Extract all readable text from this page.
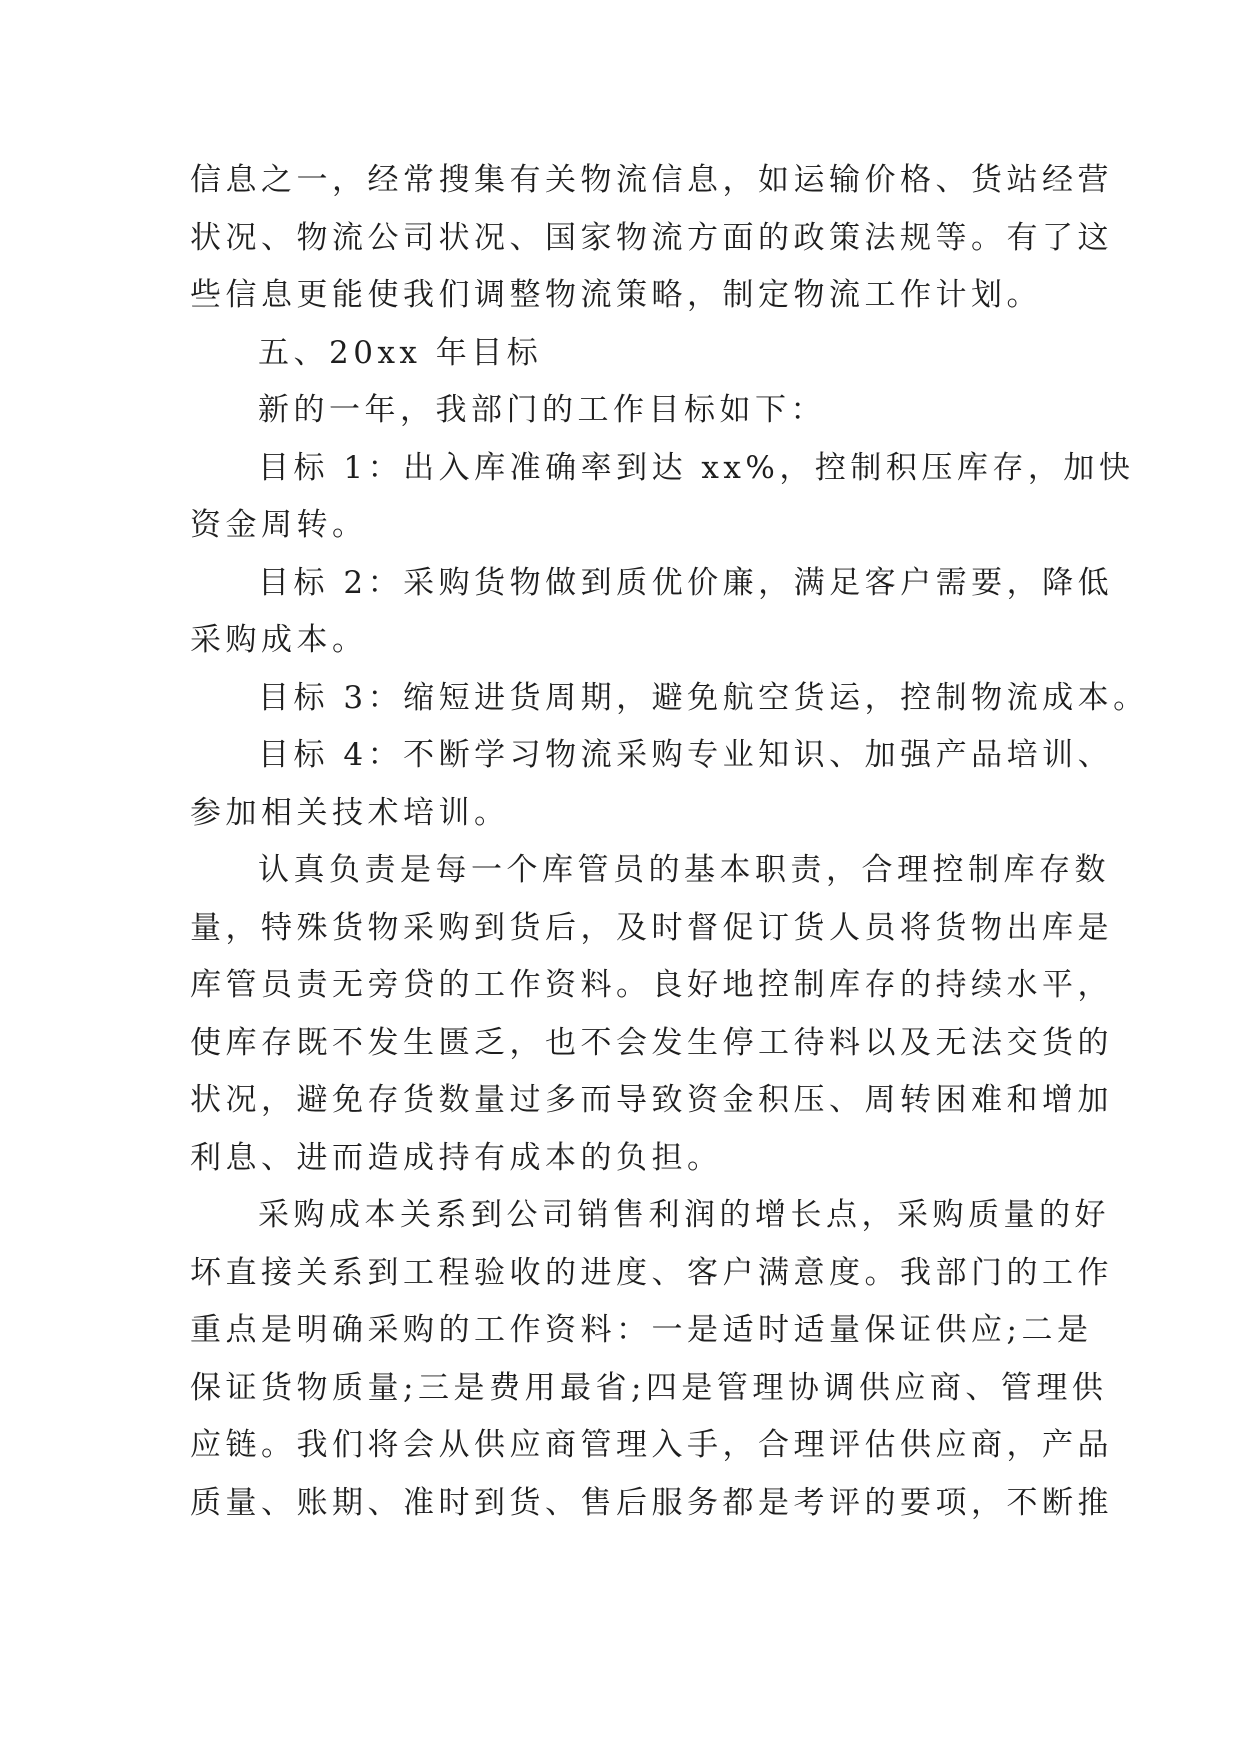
信息之一，经常搜集有关物流信息，如运输价格、货站经营

状况、物流公司状况、国家物流方面的政策法规等。有了这

些信息更能使我们调整物流策略，制定物流工作计划。

五、20xx 年目标

新的一年，我部门的工作目标如下：

目标 1：出入库准确率到达 xx%，控制积压库存，加快

资金周转。

目标 2：采购货物做到质优价廉，满足客户需要，降低

采购成本。

目标 3：缩短进货周期，避免航空货运，控制物流成本。

目标 4：不断学习物流采购专业知识、加强产品培训、

参加相关技术培训。

认真负责是每一个库管员的基本职责，合理控制库存数

量，特殊货物采购到货后，及时督促订货人员将货物出库是

库管员责无旁贷的工作资料。良好地控制库存的持续水平，

使库存既不发生匮乏，也不会发生停工待料以及无法交货的

状况，避免存货数量过多而导致资金积压、周转困难和增加

利息、进而造成持有成本的负担。

采购成本关系到公司销售利润的增长点，采购质量的好

坏直接关系到工程验收的进度、客户满意度。我部门的工作

重点是明确采购的工作资料：一是适时适量保证供应;二是

保证货物质量;三是费用最省;四是管理协调供应商、管理供

应链。我们将会从供应商管理入手，合理评估供应商，产品

质量、账期、准时到货、售后服务都是考评的要项，不断推
